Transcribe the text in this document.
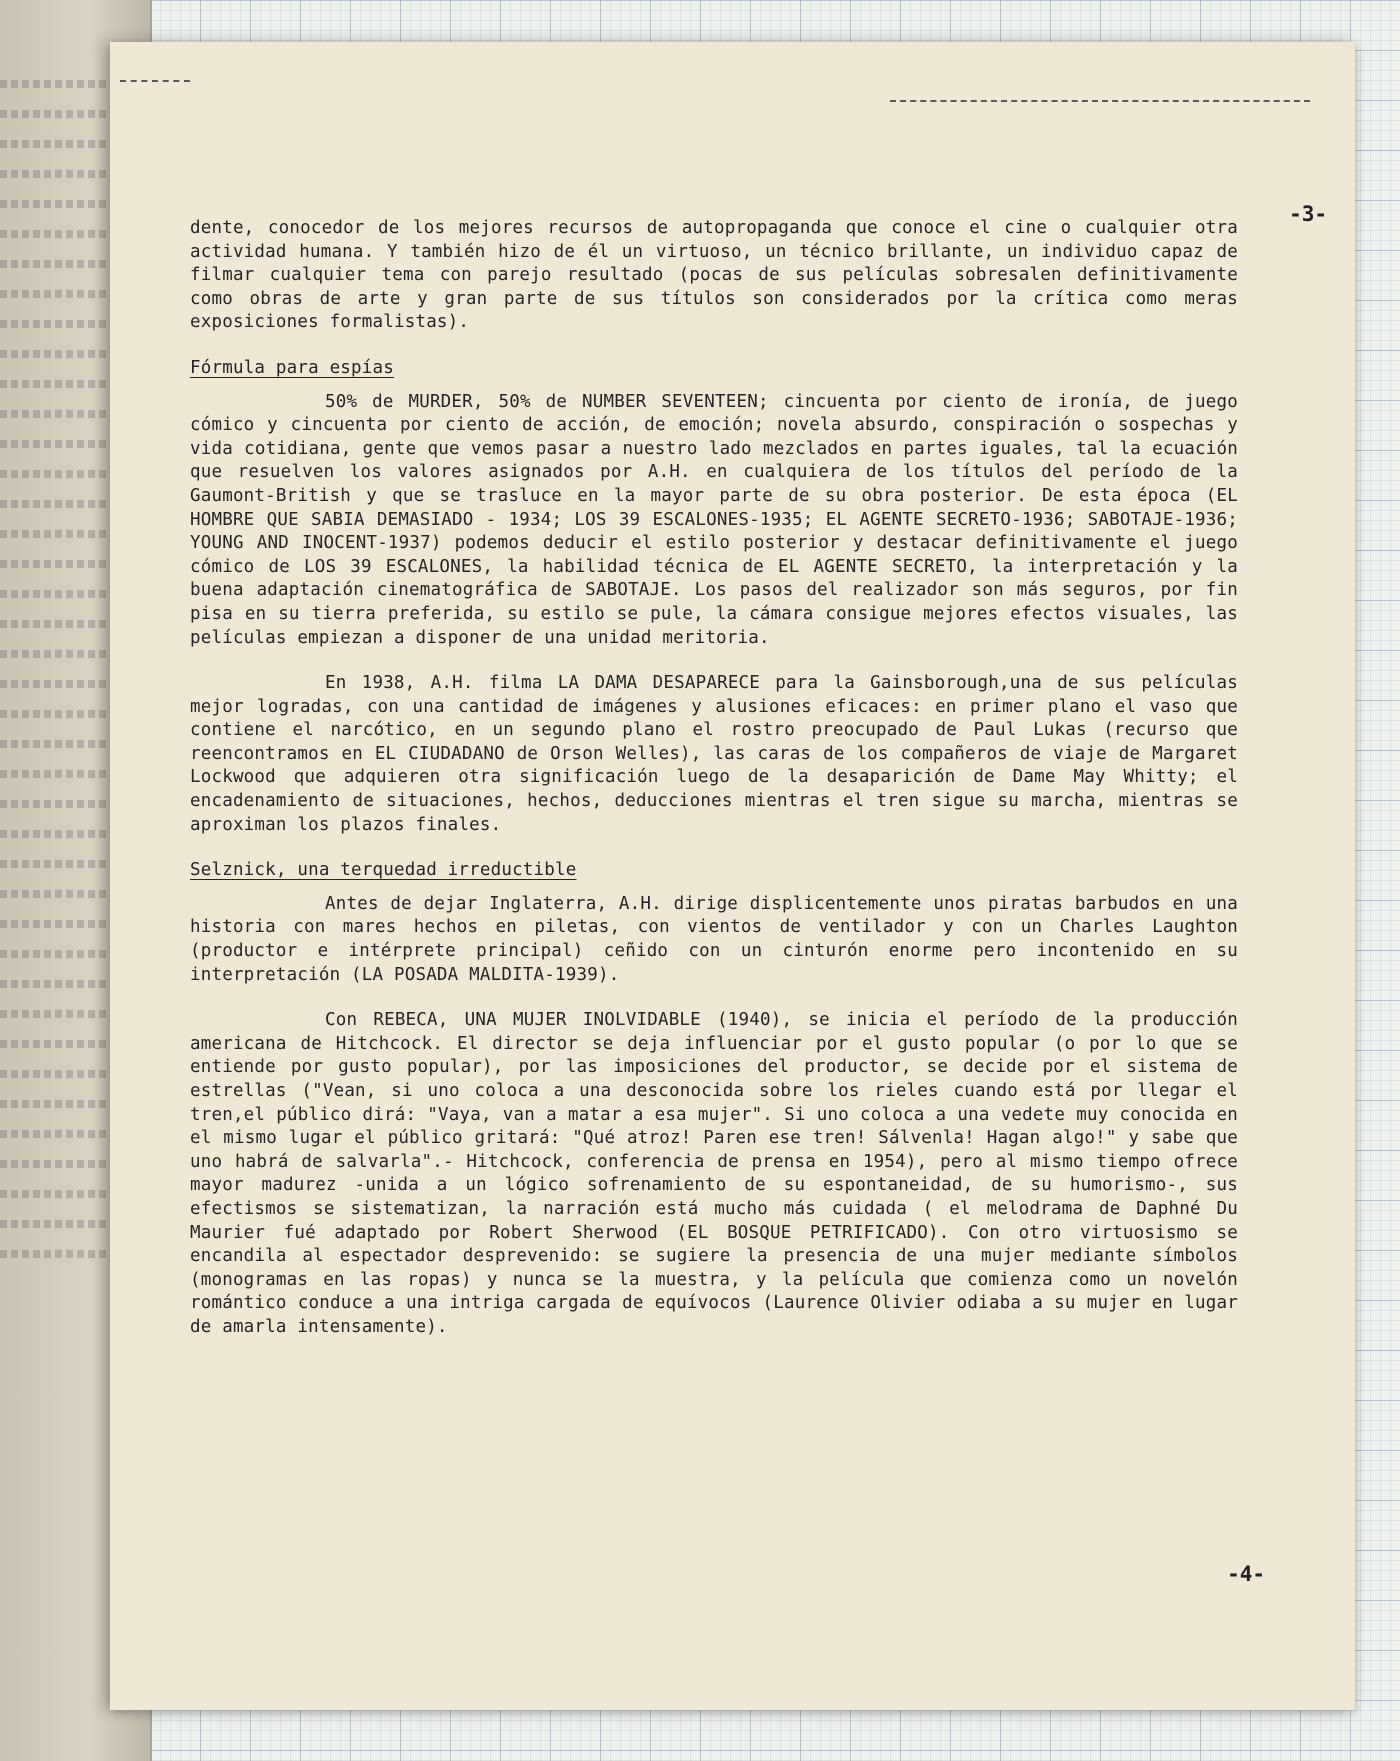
-3-

dente, conocedor de los mejores recursos de autopropaganda que conoce el cine o cualquier otra actividad humana. Y también hizo de él un virtuoso, un técnico brillante, un individuo capaz de filmar cualquier tema con parejo resultado (pocas de sus películas sobresalen definitivamente como obras de arte y gran parte de sus títulos son considerados por la crítica como meras exposiciones formalistas).

Fórmula para espías

50% de MURDER, 50% de NUMBER SEVENTEEN; cincuenta por ciento de ironía, de juego cómico y cincuenta por ciento de acción, de emoción; novela absurdo, conspiración o sospechas y vida cotidiana, gente que vemos pasar a nuestro lado mezclados en partes iguales, tal la ecuación que resuelven los valores asignados por A.H. en cualquiera de los títulos del período de la Gaumont-British y que se trasluce en la mayor parte de su obra posterior. De esta época (EL HOMBRE QUE SABIA DEMASIADO - 1934; LOS 39 ESCALONES-1935; EL AGENTE SECRETO-1936; SABOTAJE-1936; YOUNG AND INOCENT-1937) podemos deducir el estilo posterior y destacar definitivamente el juego cómico de LOS 39 ESCALONES, la habilidad técnica de EL AGENTE SECRETO, la interpretación y la buena adaptación cinematográfica de SABOTAJE. Los pasos del realizador son más seguros, por fin pisa en su tierra preferida, su estilo se pule, la cámara consigue mejores efectos visuales, las películas empiezan a disponer de una unidad meritoria.

En 1938, A.H. filma LA DAMA DESAPARECE para la Gainsborough,una de sus películas mejor logradas, con una cantidad de imágenes y alusiones eficaces: en primer plano el vaso que contiene el narcótico, en un segundo plano el rostro preocupado de Paul Lukas (recurso que reencontramos en EL CIUDADANO de Orson Welles), las caras de los compañeros de viaje de Margaret Lockwood que adquieren otra significación luego de la desaparición de Dame May Whitty; el encadenamiento de situaciones, hechos, deducciones mientras el tren sigue su marcha, mientras se aproximan los plazos finales.

Selznick, una terquedad irreductible

Antes de dejar Inglaterra, A.H. dirige displicentemente unos piratas barbudos en una historia con mares hechos en piletas, con vientos de ventilador y con un Charles Laughton (productor e intérprete principal) ceñido con un cinturón enorme pero incontenido en su interpretación (LA POSADA MALDITA-1939).

Con REBECA, UNA MUJER INOLVIDABLE (1940), se inicia el período de la producción americana de Hitchcock. El director se deja influenciar por el gusto popular (o por lo que se entiende por gusto popular), por las imposiciones del productor, se decide por el sistema de estrellas ("Vean, si uno coloca a una desconocida sobre los rieles cuando está por llegar el tren,el público dirá: "Vaya, van a matar a esa mujer". Si uno coloca a una vedete muy conocida en el mismo lugar el público gritará: "Qué atroz! Paren ese tren! Sálvenla! Hagan algo!" y sabe que uno habrá de salvarla".- Hitchcock, conferencia de prensa en 1954), pero al mismo tiempo ofrece mayor madurez -unida a un lógico sofrenamiento de su espontaneidad, de su humorismo-, sus efectismos se sistematizan, la narración está mucho más cuidada ( el melodrama de Daphné Du Maurier fué adaptado por Robert Sherwood (EL BOSQUE PETRIFICADO). Con otro virtuosismo se encandila al espectador desprevenido: se sugiere la presencia de una mujer mediante símbolos (monogramas en las ropas) y nunca se la muestra, y la película que comienza como un novelón romántico conduce a una intriga cargada de equívocos (Laurence Olivier odiaba a su mujer en lugar de amarla intensamente).

-4-
